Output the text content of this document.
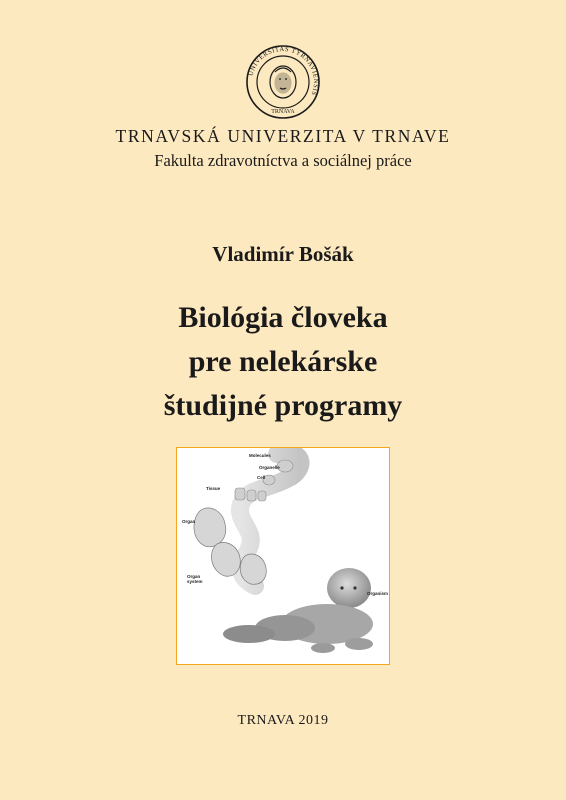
UNIVERSITAS TYRNAVIENSIS
TRNAVA
TRNAVSKÁ UNIVERZITA V TRNAVE
Fakulta zdravotníctva a sociálnej práce
Vladimír Bošák
Biológia človeka
pre nelekárske
študijné programy
Molecules
Organelle
Cell
Tissue
Organ
Organ system
Organism
TRNAVA 2019
